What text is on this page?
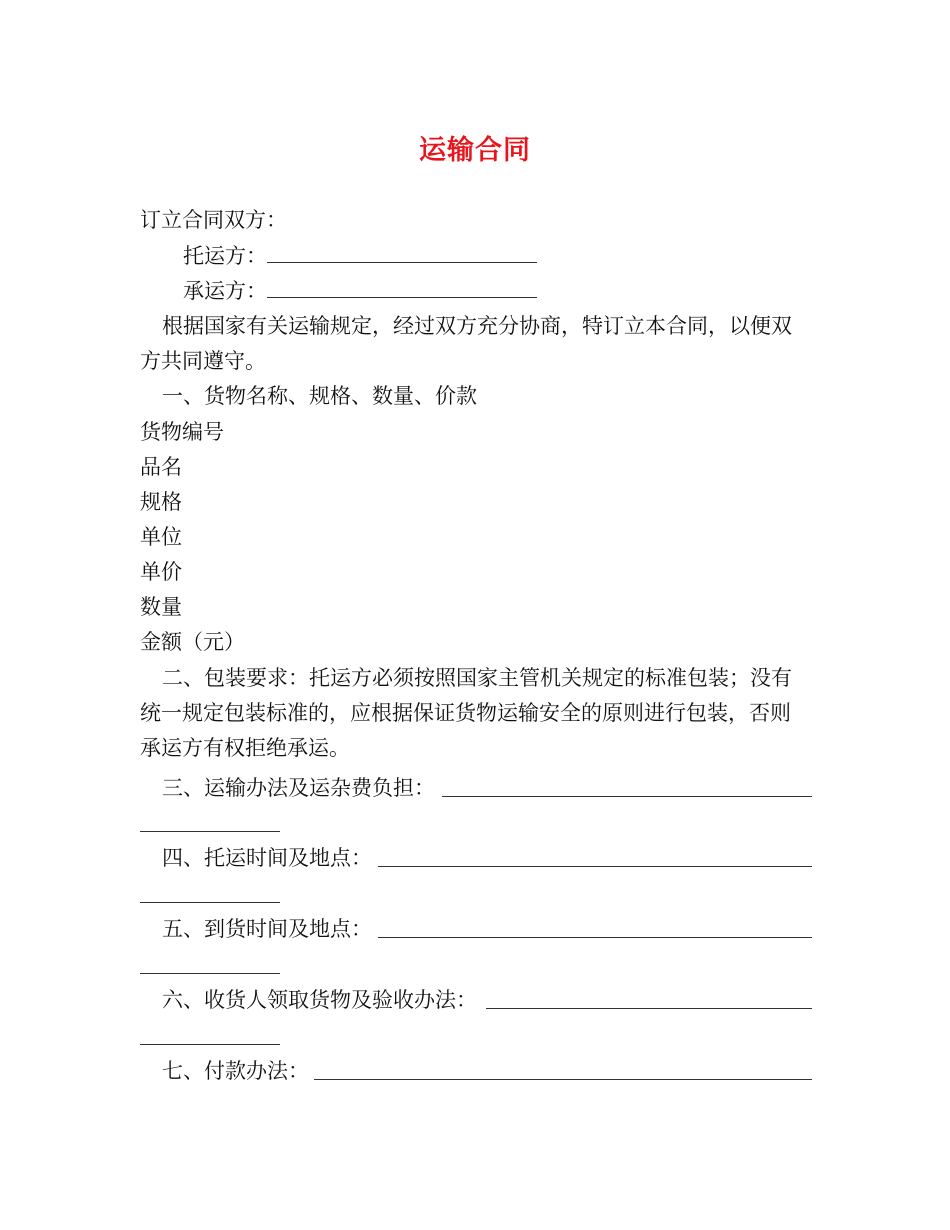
运输合同
订立合同双方：
托运方：
承运方：
根据国家有关运输规定，经过双方充分协商，特订立本合同，以便双
方共同遵守。
一、货物名称、规格、数量、价款
货物编号
品名
规格
单位
单价
数量
金额（元）
二、包装要求：托运方必须按照国家主管机关规定的标准包装；没有
统一规定包装标准的，应根据保证货物运输安全的原则进行包装，否则
承运方有权拒绝承运。
三、运输办法及运杂费负担：
四、托运时间及地点：
五、到货时间及地点：
六、收货人领取货物及验收办法：
七、付款办法：
